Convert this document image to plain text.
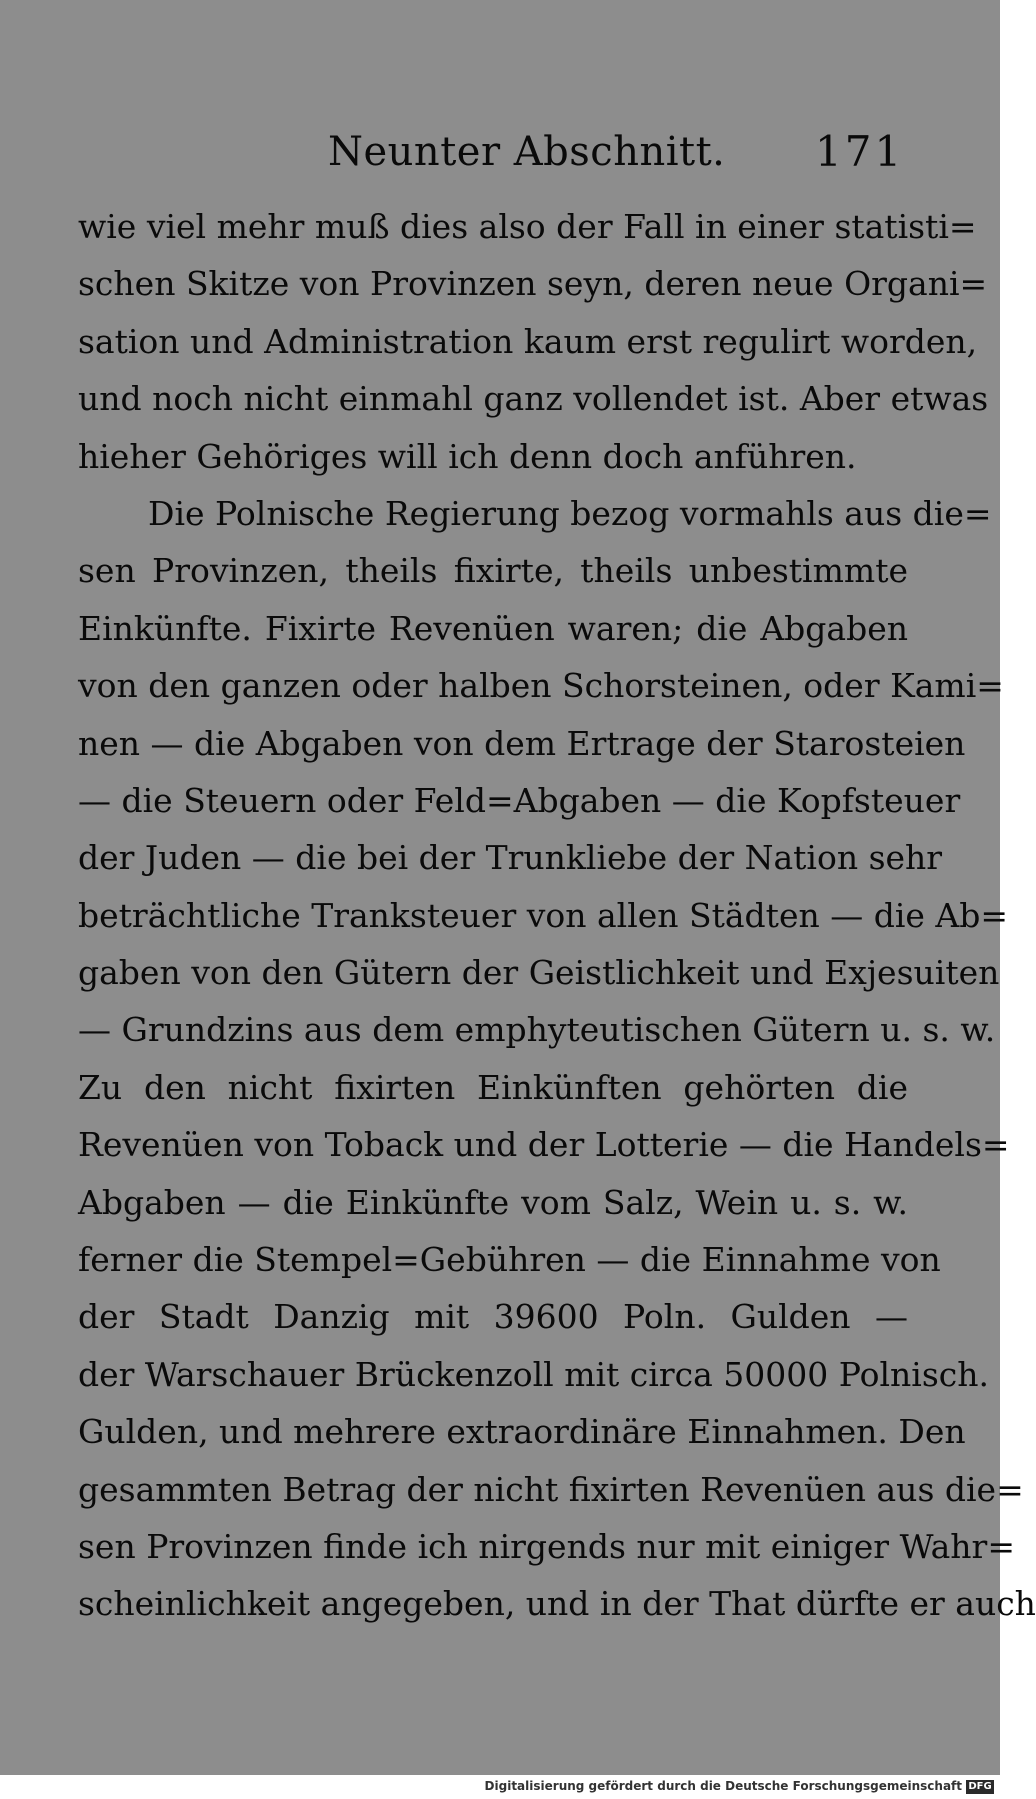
Neunter Abschnitt. 171
wie viel mehr muß dies also der Fall in einer statisti=
schen Skitze von Provinzen seyn, deren neue Organi=
sation und Administration kaum erst regulirt worden,
und noch nicht einmahl ganz vollendet ist. Aber etwas
hieher Gehöriges will ich denn doch anführen.
Die Polnische Regierung bezog vormahls aus die=
sen Provinzen, theils fixirte, theils unbestimmte
Einkünfte. Fixirte Revenüen waren; die Abgaben
von den ganzen oder halben Schorsteinen, oder Kami=
nen — die Abgaben von dem Ertrage der Starosteien
— die Steuern oder Feld=Abgaben — die Kopfsteuer
der Juden — die bei der Trunkliebe der Nation sehr
beträchtliche Tranksteuer von allen Städten — die Ab=
gaben von den Gütern der Geistlichkeit und Exjesuiten
— Grundzins aus dem emphyteutischen Gütern u. s. w.
Zu den nicht fixirten Einkünften gehörten die
Revenüen von Toback und der Lotterie — die Handels=
Abgaben — die Einkünfte vom Salz, Wein u. s. w.
ferner die Stempel=Gebühren — die Einnahme von
der Stadt Danzig mit 39600 Poln. Gulden —
der Warschauer Brückenzoll mit circa 50000 Polnisch.
Gulden, und mehrere extraordinäre Einnahmen. Den
gesammten Betrag der nicht fixirten Revenüen aus die=
sen Provinzen finde ich nirgends nur mit einiger Wahr=
scheinlichkeit angegeben, und in der That dürfte er auch
Digitalisierung gefördert durch die Deutsche Forschungsgemeinschaft DFG
